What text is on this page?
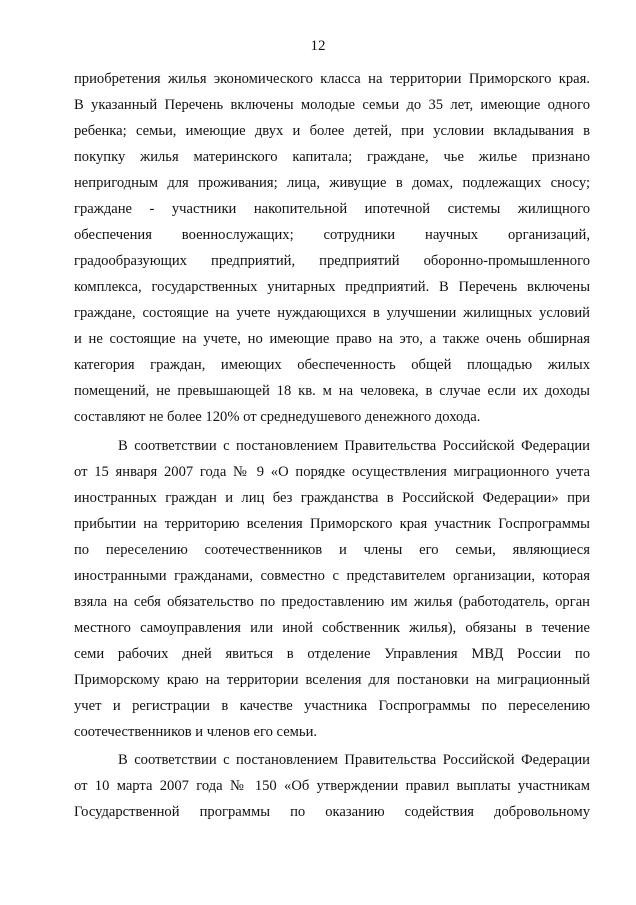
12
приобретения жилья экономического класса на территории Приморского края.
В указанный Перечень включены молодые семьи до 35 лет, имеющие одного
ребенка; семьи, имеющие двух и более детей, при условии вкладывания в
покупку жилья материнского капитала; граждане, чье жилье признано
непригодным для проживания; лица, живущие в домах, подлежащих сносу;
граждане - участники накопительной ипотечной системы жилищного
обеспечения военнослужащих; сотрудники научных организаций,
градообразующих предприятий, предприятий оборонно-промышленного
комплекса, государственных унитарных предприятий. В Перечень включены
граждане, состоящие на учете нуждающихся в улучшении жилищных условий
и не состоящие на учете, но имеющие право на это, а также очень обширная
категория граждан, имеющих обеспеченность общей площадью жилых
помещений, не превышающей 18 кв. м на человека, в случае если их доходы
составляют не более 120% от среднедушевого денежного дохода.
В соответствии с постановлением Правительства Российской Федерации
от 15 января 2007 года № 9 «О порядке осуществления миграционного учета
иностранных граждан и лиц без гражданства в Российской Федерации» при
прибытии на территорию вселения Приморского края участник Госпрограммы
по переселению соотечественников и члены его семьи, являющиеся
иностранными гражданами, совместно с представителем организации, которая
взяла на себя обязательство по предоставлению им жилья (работодатель, орган
местного самоуправления или иной собственник жилья), обязаны в течение
семи рабочих дней явиться в отделение Управления МВД России по
Приморскому краю на территории вселения для постановки на миграционный
учет и регистрации в качестве участника Госпрограммы по переселению
соотечественников и членов его семьи.
В соответствии с постановлением Правительства Российской Федерации
от 10 марта 2007 года № 150 «Об утверждении правил выплаты участникам
Государственной программы по оказанию содействия добровольному
